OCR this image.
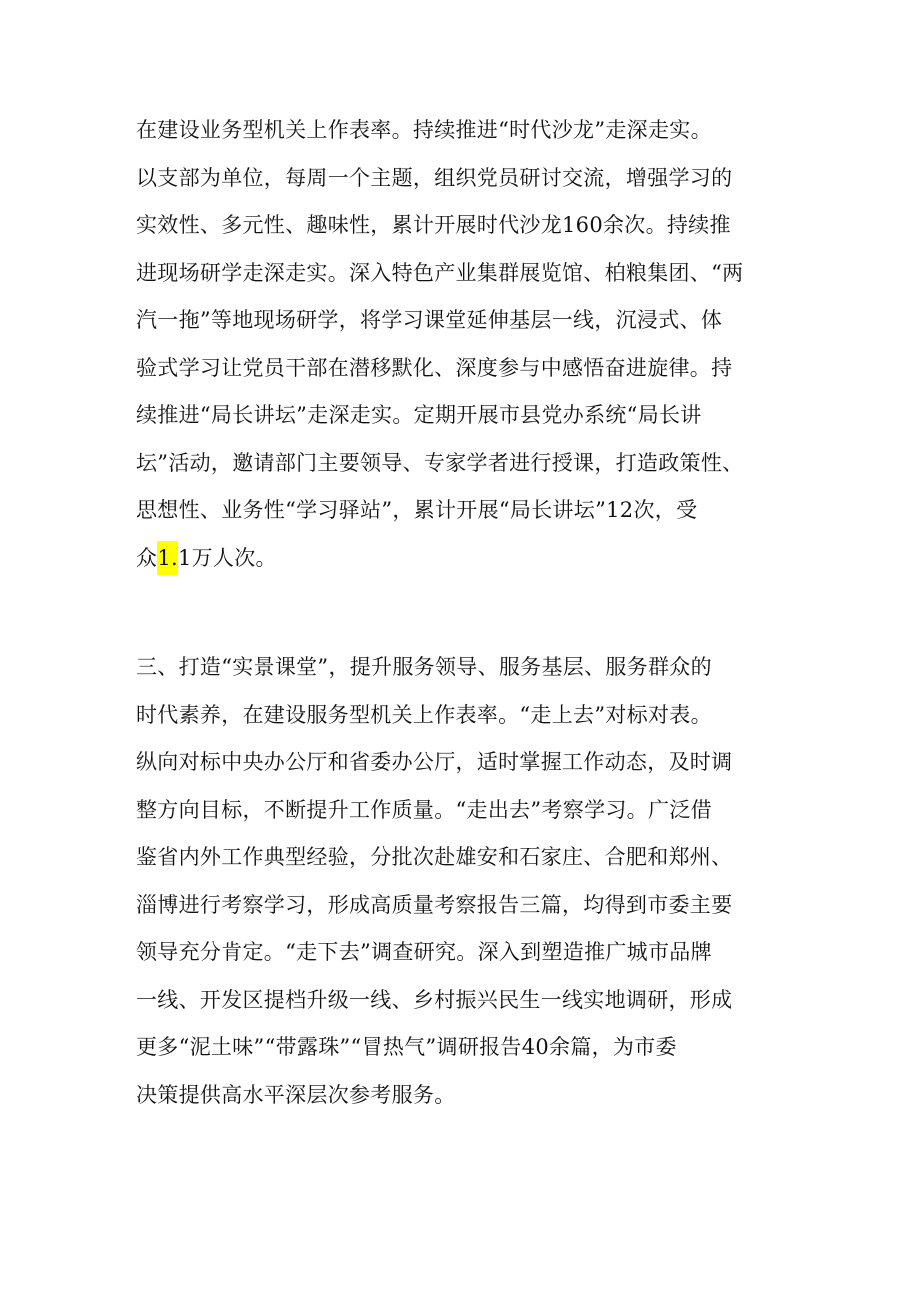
在建设业务型机关上作表率。持续推进“时代沙龙”走深走实。
以支部为单位，每周一个主题，组织党员研讨交流，增强学习的
实效性、多元性、趣味性，累计开展时代沙龙160余次。持续推
进现场研学走深走实。深入特色产业集群展览馆、柏粮集团、“两
汽一拖”等地现场研学，将学习课堂延伸基层一线，沉浸式、体
验式学习让党员干部在潜移默化、深度参与中感悟奋进旋律。持
续推进“局长讲坛”走深走实。定期开展市县党办系统“局长讲
坛”活动，邀请部门主要领导、专家学者进行授课，打造政策性、
思想性、业务性“学习驿站”，累计开展“局长讲坛”12次，受
众1.1万人次。
三、打造“实景课堂”，提升服务领导、服务基层、服务群众的
时代素养，在建设服务型机关上作表率。“走上去”对标对表。
纵向对标中央办公厅和省委办公厅，适时掌握工作动态，及时调
整方向目标，不断提升工作质量。“走出去”考察学习。广泛借
鉴省内外工作典型经验，分批次赴雄安和石家庄、合肥和郑州、
淄博进行考察学习，形成高质量考察报告三篇，均得到市委主要
领导充分肯定。“走下去”调查研究。深入到塑造推广城市品牌
一线、开发区提档升级一线、乡村振兴民生一线实地调研，形成
更多“泥土味”“带露珠”“冒热气”调研报告40余篇，为市委
决策提供高水平深层次参考服务。
